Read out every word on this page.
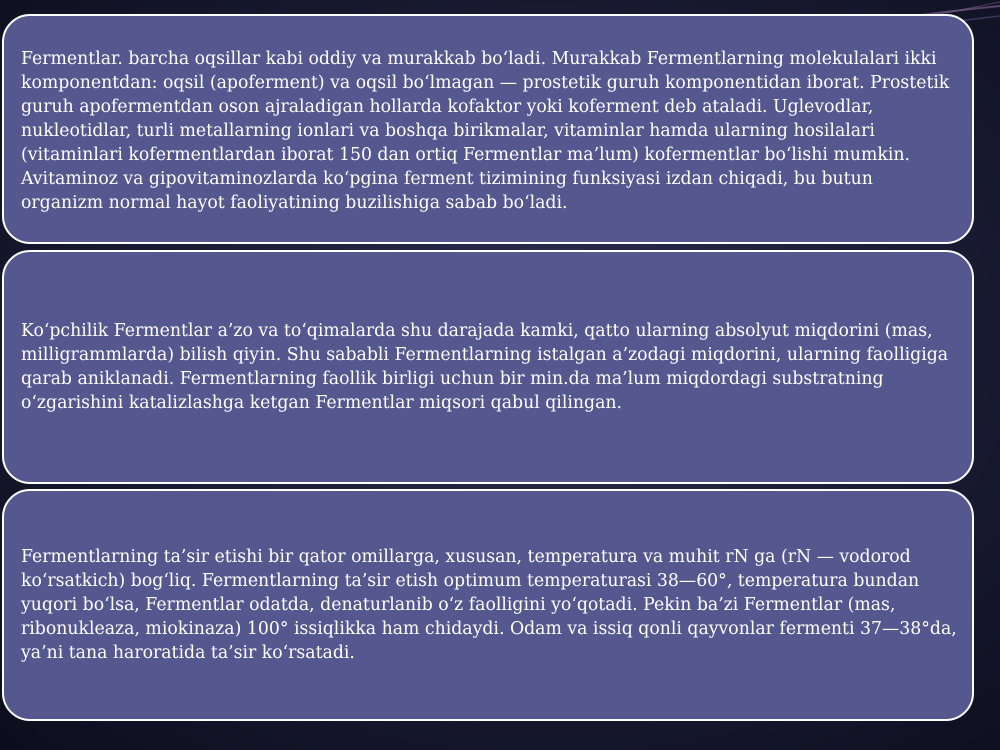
Fermentlar. barcha oqsillar kabi oddiy va murakkab bo‘ladi. Murakkab Fermentlarning molekulalari ikki komponentdan: oqsil (apoferment) va oqsil bo‘lmagan — prostetik guruh komponentidan iborat. Prostetik guruh apofermentdan oson ajraladigan hollarda kofaktor yoki koferment deb ataladi. Uglevodlar, nukleotidlar, turli metallarning ionlari va boshqa birikmalar, vitaminlar hamda ularning hosilalari (vitaminlari kofermentlardan iborat 150 dan ortiq Fermentlar ma’lum) kofermentlar bo‘lishi mumkin. Avitaminoz va gipovitaminozlarda ko‘pgina ferment tizimining funksiyasi izdan chiqadi, bu butun organizm normal hayot faoliyatining buzilishiga sabab bo‘ladi.

Ko‘pchilik Fermentlar a’zo va to‘qimalarda shu darajada kamki, qatto ularning absolyut miqdorini (mas, milligrammlarda) bilish qiyin. Shu sababli Fermentlarning istalgan a’zodagi miqdorini, ularning faolligiga qarab aniklanadi. Fermentlarning faollik birligi uchun bir min.da ma’lum miqdordagi substratning o‘zgarishini katalizlashga ketgan Fermentlar miqsori qabul qilingan.

Fermentlarning ta’sir etishi bir qator omillarga, xususan, temperatura va muhit rN ga (rN — vodorod ko‘rsatkich) bog‘liq. Fermentlarning ta’sir etish optimum temperaturasi 38—60°, temperatura bundan yuqori bo‘lsa, Fermentlar odatda, denaturlanib o‘z faolligini yo‘qotadi. Pekin ba’zi Fermentlar (mas, ribonukleaza, miokinaza) 100° issiqlikka ham chidaydi. Odam va issiq qonli qayvonlar fermenti 37—38°da, ya’ni tana haroratida ta’sir ko‘rsatadi.
